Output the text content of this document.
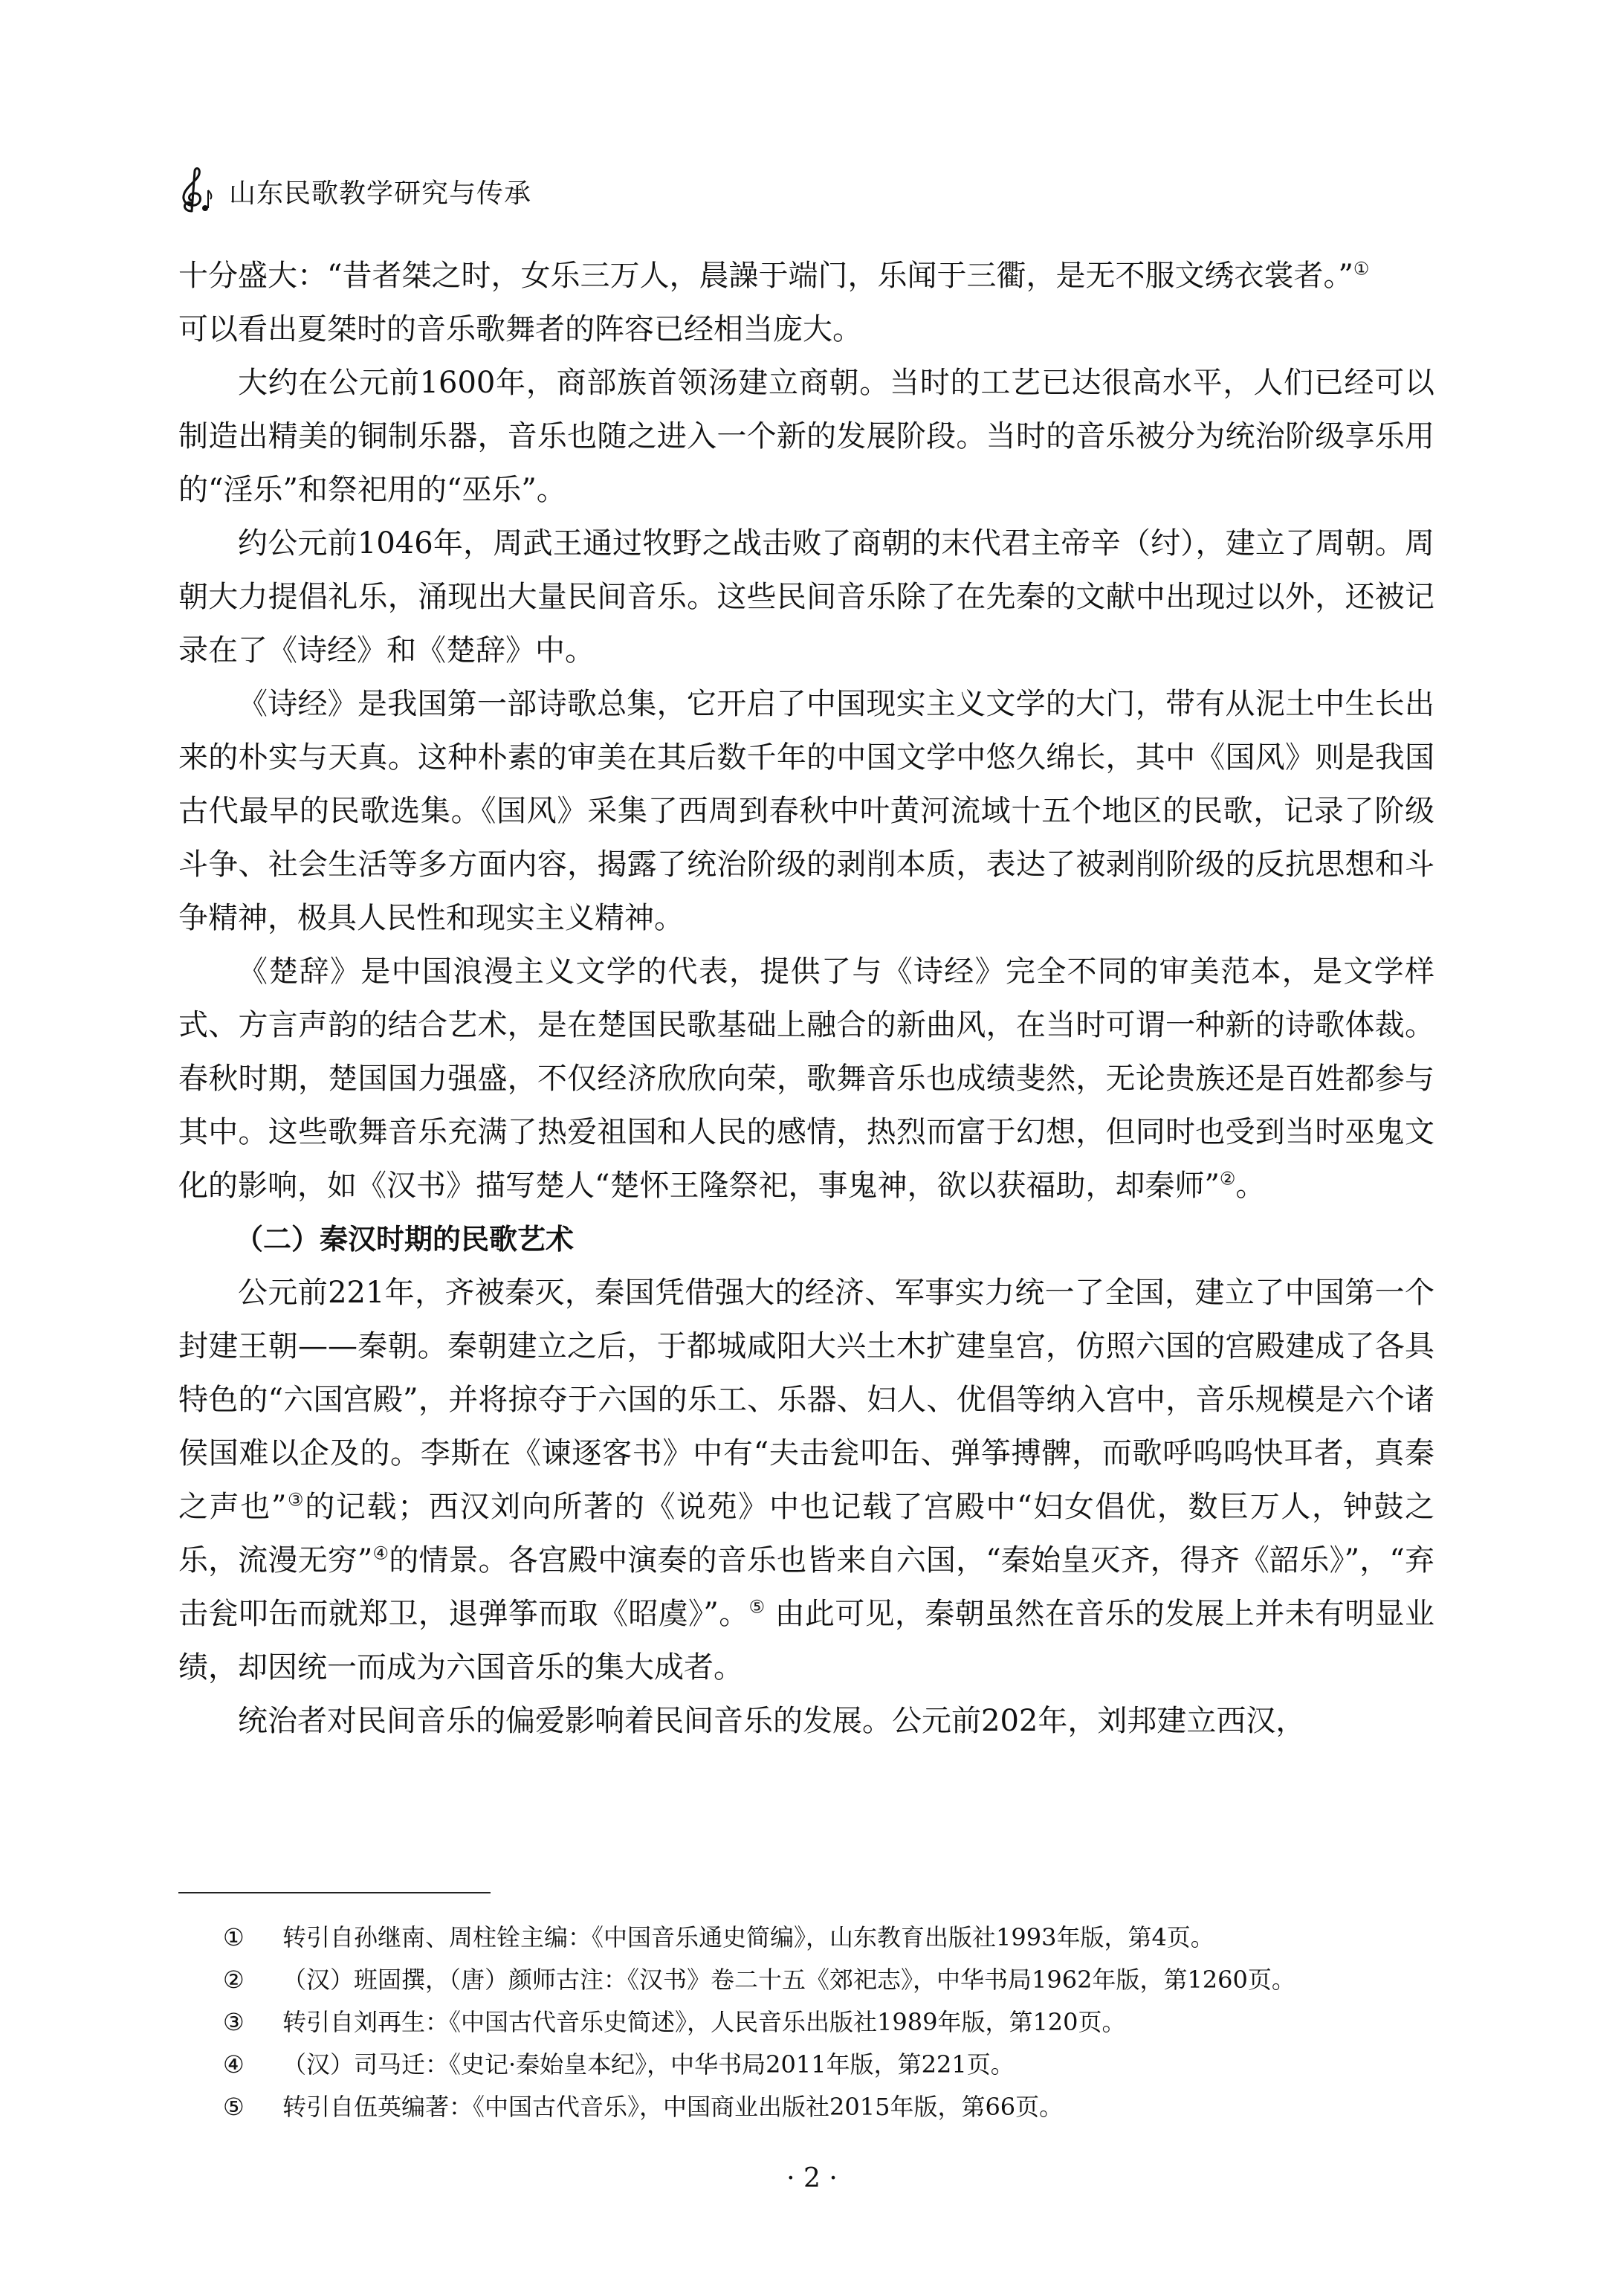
山东民歌教学研究与传承

十分盛大：“昔者桀之时，女乐三万人，晨譟于端门，乐闻于三衢，是无不服文绣衣裳者。”①
可以看出夏桀时的音乐歌舞者的阵容已经相当庞大。

大约在公元前1600年，商部族首领汤建立商朝。当时的工艺已达很高水平，人们已经可以制造出精美的铜制乐器，音乐也随之进入一个新的发展阶段。当时的音乐被分为统治阶级享乐用的“淫乐”和祭祀用的“巫乐”。

约公元前1046年，周武王通过牧野之战击败了商朝的末代君主帝辛（纣），建立了周朝。周朝大力提倡礼乐，涌现出大量民间音乐。这些民间音乐除了在先秦的文献中出现过以外，还被记录在了《诗经》和《楚辞》中。

《诗经》是我国第一部诗歌总集，它开启了中国现实主义文学的大门，带有从泥土中生长出来的朴实与天真。这种朴素的审美在其后数千年的中国文学中悠久绵长，其中《国风》则是我国古代最早的民歌选集。《国风》采集了西周到春秋中叶黄河流域十五个地区的民歌，记录了阶级斗争、社会生活等多方面内容，揭露了统治阶级的剥削本质，表达了被剥削阶级的反抗思想和斗争精神，极具人民性和现实主义精神。

《楚辞》是中国浪漫主义文学的代表，提供了与《诗经》完全不同的审美范本，是文学样式、方言声韵的结合艺术，是在楚国民歌基础上融合的新曲风，在当时可谓一种新的诗歌体裁。春秋时期，楚国国力强盛，不仅经济欣欣向荣，歌舞音乐也成绩斐然，无论贵族还是百姓都参与其中。这些歌舞音乐充满了热爱祖国和人民的感情，热烈而富于幻想，但同时也受到当时巫鬼文化的影响，如《汉书》描写楚人“楚怀王隆祭祀，事鬼神，欲以获福助，却秦师”②。

（二）秦汉时期的民歌艺术

公元前221年，齐被秦灭，秦国凭借强大的经济、军事实力统一了全国，建立了中国第一个封建王朝——秦朝。秦朝建立之后，于都城咸阳大兴土木扩建皇宫，仿照六国的宫殿建成了各具特色的“六国宫殿”，并将掠夺于六国的乐工、乐器、妇人、优倡等纳入宫中，音乐规模是六个诸侯国难以企及的。李斯在《谏逐客书》中有“夫击瓮叩缶、弹筝搏髀，而歌呼呜呜快耳者，真秦之声也”③的记载；西汉刘向所著的《说苑》中也记载了宫殿中“妇女倡优，数巨万人，钟鼓之乐，流漫无穷”④的情景。各宫殿中演奏的音乐也皆来自六国，“秦始皇灭齐，得齐《韶乐》”，“弃击瓮叩缶而就郑卫，退弹筝而取《昭虞》”。⑤ 由此可见，秦朝虽然在音乐的发展上并未有明显业绩，却因统一而成为六国音乐的集大成者。

统治者对民间音乐的偏爱影响着民间音乐的发展。公元前202年，刘邦建立西汉，

①	转引自孙继南、周柱铨主编：《中国音乐通史简编》，山东教育出版社1993年版，第4页。
②	（汉）班固撰，（唐）颜师古注：《汉书》卷二十五《郊祀志》，中华书局1962年版，第1260页。
③	转引自刘再生：《中国古代音乐史简述》，人民音乐出版社1989年版，第120页。
④	（汉）司马迁：《史记·秦始皇本纪》，中华书局2011年版，第221页。
⑤	转引自伍英编著：《中国古代音乐》，中国商业出版社2015年版，第66页。
· 2 ·
